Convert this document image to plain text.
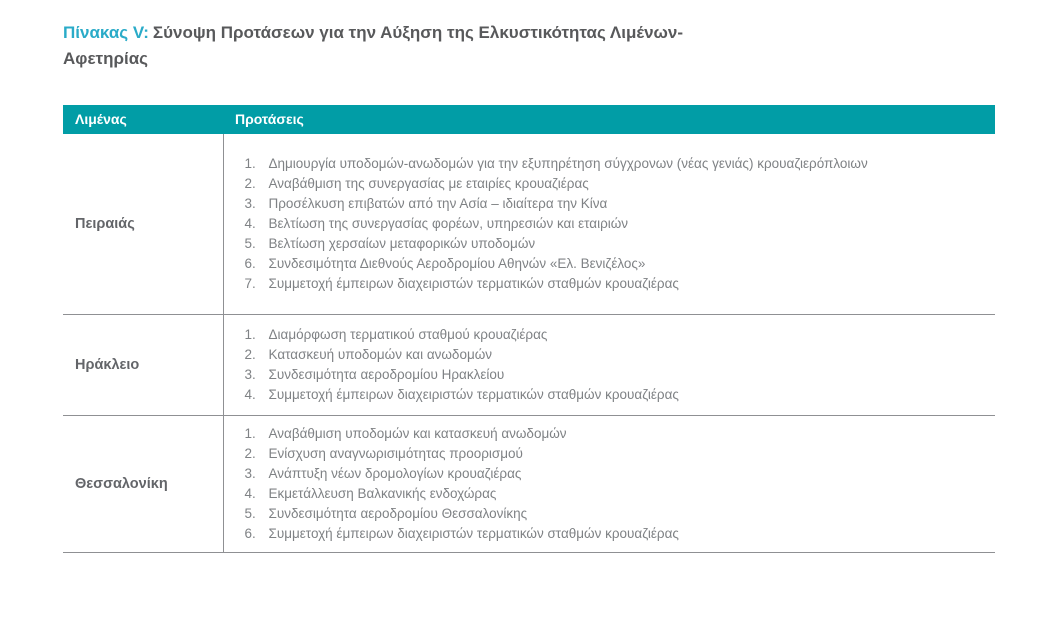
Πίνακας V: Σύνοψη Προτάσεων για την Αύξηση της Ελκυστικότητας Λιμένων-Αφετηρίας
Λιμένας	Προτάσεις
Πειραιάς	
1. Δημιουργία υποδομών-ανωδομών για την εξυπηρέτηση σύγχρονων (νέας γενιάς) κρουαζιερόπλοιων
2. Αναβάθμιση της συνεργασίας με εταιρίες κρουαζιέρας
3. Προσέλκυση επιβατών από την Ασία – ιδιαίτερα την Κίνα
4. Βελτίωση της συνεργασίας φορέων, υπηρεσιών και εταιριών
5. Βελτίωση χερσαίων μεταφορικών υποδομών
6. Συνδεσιμότητα Διεθνούς Αεροδρομίου Αθηνών «Ελ. Βενιζέλος»
7. Συμμετοχή έμπειρων διαχειριστών τερματικών σταθμών κρουαζιέρας

Ηράκλειο	
1. Διαμόρφωση τερματικού σταθμού κρουαζιέρας
2. Κατασκευή υποδομών και ανωδομών
3. Συνδεσιμότητα αεροδρομίου Ηρακλείου
4. Συμμετοχή έμπειρων διαχειριστών τερματικών σταθμών κρουαζιέρας

Θεσσαλονίκη	
1. Αναβάθμιση υποδομών και κατασκευή ανωδομών
2. Ενίσχυση αναγνωρισιμότητας προορισμού
3. Ανάπτυξη νέων δρομολογίων κρουαζιέρας
4. Εκμετάλλευση Βαλκανικής ενδοχώρας
5. Συνδεσιμότητα αεροδρομίου Θεσσαλονίκης
6. Συμμετοχή έμπειρων διαχειριστών τερματικών σταθμών κρουαζιέρας
